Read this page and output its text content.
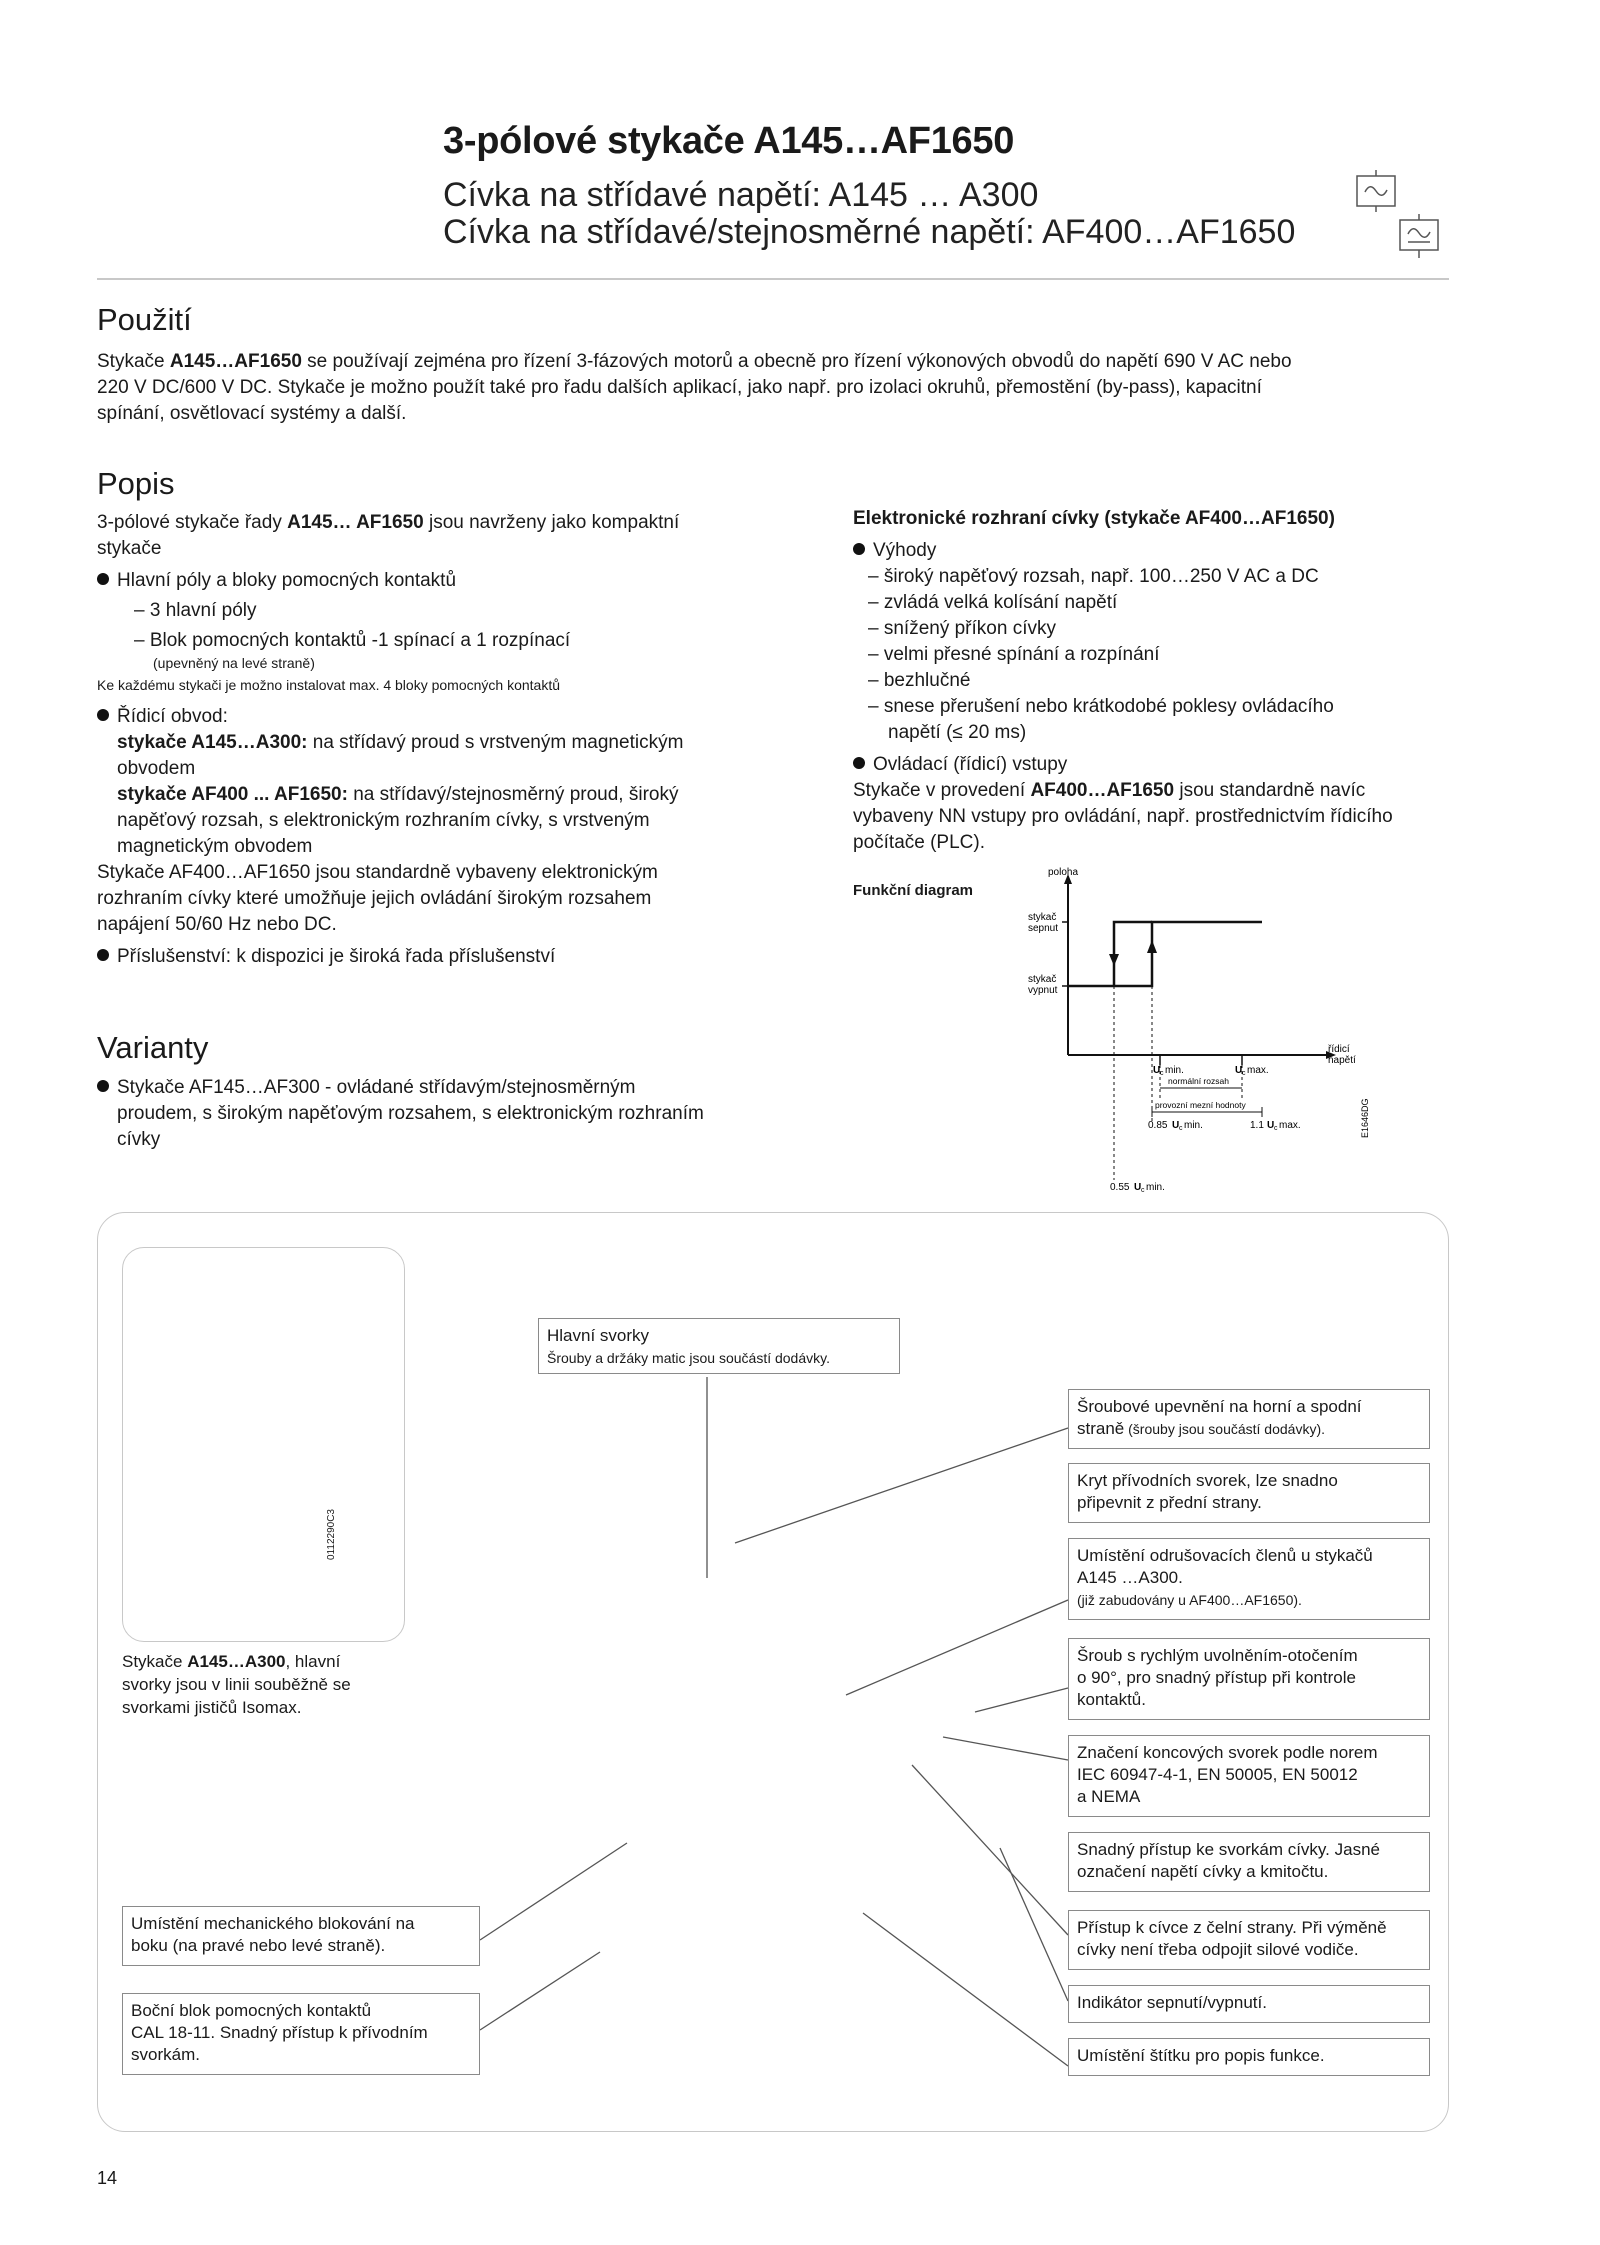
3-pólové stykače A145…AF1650
Cívka na střídavé napětí: A145 … A300
Cívka na střídavé/stejnosměrné napětí: AF400…AF1650
Použití
Stykače A145…AF1650 se používají zejména pro řízení 3-fázových motorů a obecně pro řízení výkonových obvodů do napětí 690 V AC nebo
220 V DC/600 V DC. Stykače je možno použít také pro řadu dalších aplikací, jako např. pro izolaci okruhů, přemostění (by-pass), kapacitní
spínání, osvětlovací systémy a další.
Popis
3-pólové stykače řady A145… AF1650 jsou navrženy jako kompaktní
stykače
Hlavní póly a bloky pomocných kontaktů
– 3 hlavní póly
– Blok pomocných kontaktů -1 spínací a 1 rozpínací
(upevněný na levé straně)
Ke každému stykači je možno instalovat max. 4 bloky pomocných kontaktů
Řídicí obvod:
stykače A145…A300: na střídavý proud s vrstveným magnetickým
obvodem
stykače AF400 ... AF1650: na střídavý/stejnosměrný proud, široký
napěťový rozsah, s elektronickým rozhraním cívky, s vrstveným
magnetickým obvodem
Stykače AF400…AF1650 jsou standardně vybaveny elektronickým
rozhraním cívky které umožňuje jejich ovládání širokým rozsahem
napájení 50/60 Hz nebo DC.
Příslušenství: k dispozici je široká řada příslušenství
Varianty
Stykače AF145…AF300 - ovládané střídavým/stejnosměrným
proudem, s širokým napěťovým rozsahem, s elektronickým rozhraním
cívky
Elektronické rozhraní cívky (stykače AF400…AF1650)
Výhody
– široký napěťový rozsah, např. 100…250 V AC a DC
– zvládá velká kolísání napětí
– snížený příkon cívky
– velmi přesné spínání a rozpínání
– bezhlučné
– snese přerušení nebo krátkodobé poklesy ovládacího
napětí (≤ 20 ms)
Ovládací (řídicí) vstupy
Stykače v provedení AF400…AF1650 jsou standardně navíc
vybaveny NN vstupy pro ovládání, např. prostřednictvím řídicího
počítače (PLC).
Funkční diagram
poloha
stykač
sepnut
stykač
vypnut
U c min.	U c max.
řídicí
napětí
normální rozsah
provozní mezní hodnoty
0.85 U c min.	1.1 U c max.
0.55 U c min.
E1646DG
0112290C3
Stykače A145…A300, hlavní
svorky jsou v linii souběžně se
svorkami jističů Isomax.
Hlavní svorky
Šrouby a držáky matic jsou součástí dodávky.
Šroubové upevnění na horní a spodní
straně (šrouby jsou součástí dodávky).
Kryt přívodních svorek, lze snadno
připevnit z přední strany.
Umístění odrušovacích členů u stykačů
A145 …A300.
(již zabudovány u AF400…AF1650).
Šroub s rychlým uvolněním-otočením
o 90°, pro snadný přístup při kontrole
kontaktů.
Značení koncových svorek podle norem
IEC 60947-4-1, EN 50005, EN 50012
a NEMA
Snadný přístup ke svorkám cívky. Jasné
označení napětí cívky a kmitočtu.
Přístup k cívce z čelní strany. Při výměně
cívky není třeba odpojit silové vodiče.
Indikátor sepnutí/vypnutí.
Umístění štítku pro popis funkce.
Umístění mechanického blokování na
boku (na pravé nebo levé straně).
Boční blok pomocných kontaktů
CAL 18-11. Snadný přístup k přívodním
svorkám.
14
